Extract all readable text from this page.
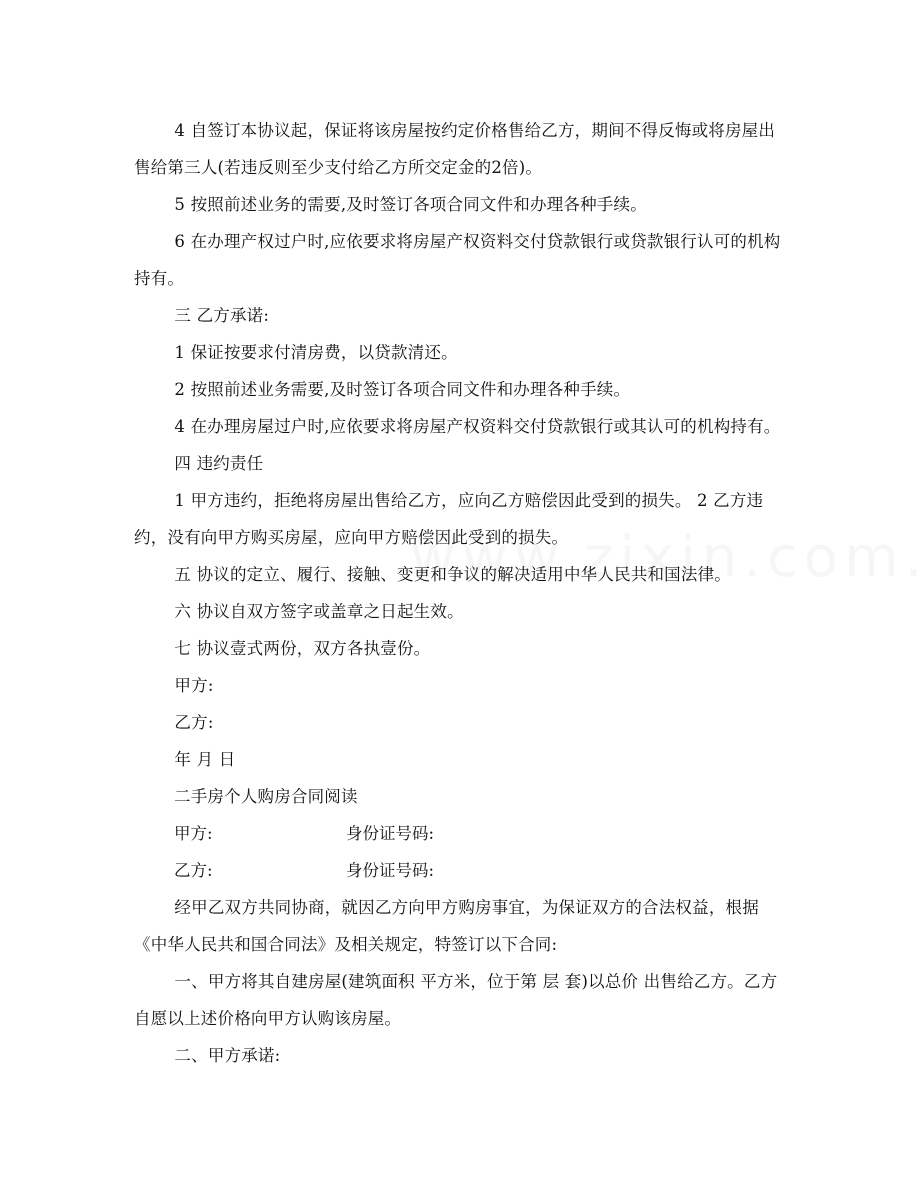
4 自签订本协议起，保证将该房屋按约定价格售给乙方，期间不得反悔或将房屋出售给第三人(若违反则至少支付给乙方所交定金的2倍)。

5 按照前述业务的需要,及时签订各项合同文件和办理各种手续。

6 在办理产权过户时,应依要求将房屋产权资料交付贷款银行或贷款银行认可的机构持有。

三 乙方承诺:

1 保证按要求付清房费，以贷款清还。

2 按照前述业务需要,及时签订各项合同文件和办理各种手续。

4 在办理房屋过户时,应依要求将房屋产权资料交付贷款银行或其认可的机构持有。

四 违约责任

1 甲方违约，拒绝将房屋出售给乙方，应向乙方赔偿因此受到的损失。 2 乙方违约，没有向甲方购买房屋，应向甲方赔偿因此受到的损失。

五 协议的定立、履行、接触、变更和争议的解决适用中华人民共和国法律。

六 协议自双方签字或盖章之日起生效。

七 协议壹式两份，双方各执壹份。

甲方:

乙方:

年 月 日

二手房个人购房合同阅读

甲方:	身份证号码:
乙方:	身份证号码:

经甲乙双方共同协商，就因乙方向甲方购房事宜，为保证双方的合法权益，根据《中华人民共和国合同法》及相关规定，特签订以下合同:

一、甲方将其自建房屋(建筑面积 平方米，位于第 层 套)以总价 出售给乙方。乙方自愿以上述价格向甲方认购该房屋。

二、甲方承诺:
